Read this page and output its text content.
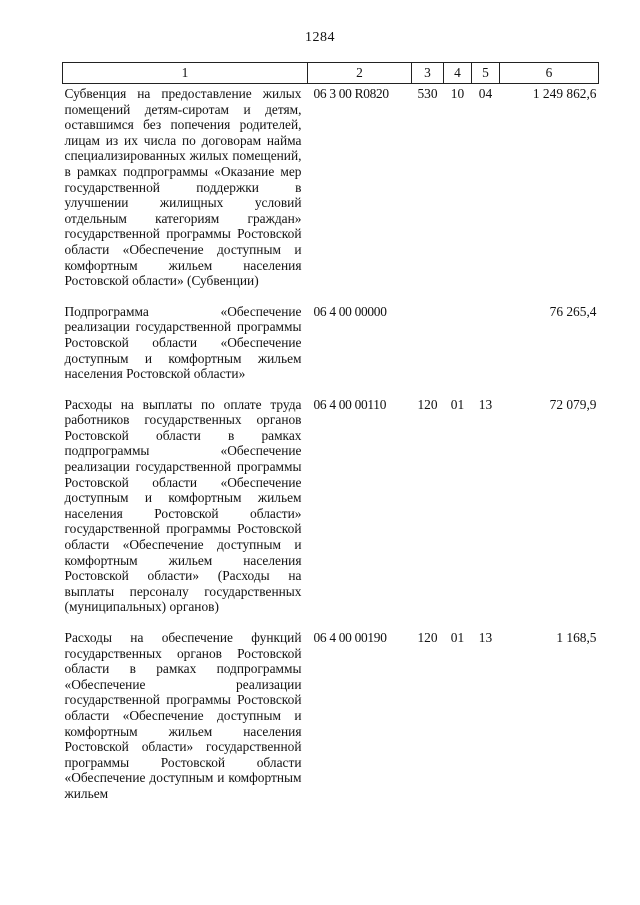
1284
1	2	3	4	5	6
Субвенция на предоставление жилых помещений детям-сиротам и детям, оставшимся без попечения родителей, лицам из их числа по договорам найма специализированных жилых помещений, в рамках подпрограммы «Оказание мер государственной поддержки в улучшении жилищных условий отдельным категориям граждан» государственной программы Ростовской области «Обеспечение доступным и комфортным жильем населения Ростовской области» (Субвенции)	06 3 00 R0820	530	10	04	1 249 862,6
Подпрограмма «Обеспечение реализации государственной программы Ростовской области «Обеспечение доступным и комфортным жильем населения Ростовской области»	06 4 00 00000				76 265,4
Расходы на выплаты по оплате труда работников государственных органов Ростовской области в рамках подпрограммы «Обеспечение реализации государственной программы Ростовской области «Обеспечение доступным и комфортным жильем населения Ростовской области» государственной программы Ростовской области «Обеспечение доступным и комфортным жильем населения Ростовской области» (Расходы на выплаты персоналу государственных (муниципальных) органов)	06 4 00 00110	120	01	13	72 079,9
Расходы на обеспечение функций государственных органов Ростовской области в рамках подпрограммы «Обеспечение реализации государственной программы Ростовской области «Обеспечение доступным и комфортным жильем населения Ростовской области» государственной программы Ростовской области «Обеспечение доступным и комфортным жильем	06 4 00 00190	120	01	13	1 168,5
